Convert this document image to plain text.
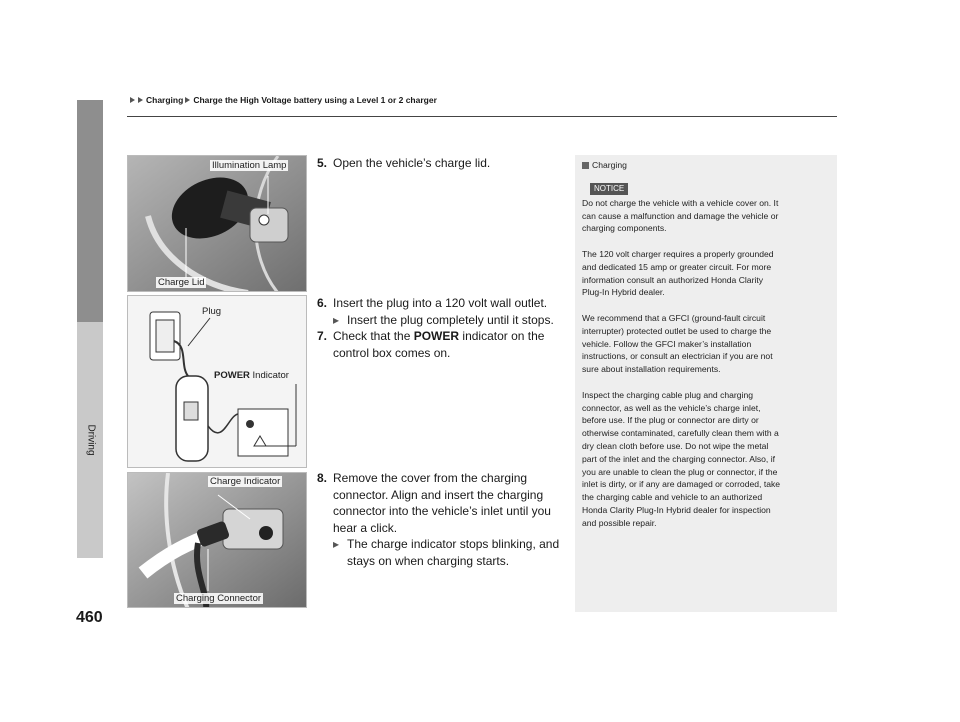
Charging Charge the High Voltage battery using a Level 1 or 2 charger
Driving
460
Illumination Lamp
Charge Lid
Plug
POWER Indicator
Charge Indicator
Charging Connector
5. Open the vehicle’s charge lid.
6. Insert the plug into a 120 volt wall outlet.
▸ Insert the plug completely until it stops.
7. Check that the POWER indicator on the
control box comes on.
8. Remove the cover from the charging
connector. Align and insert the charging
connector into the vehicle’s inlet until you
hear a click.
▸ The charge indicator stops blinking, and
stays on when charging starts.
Charging
NOTICE
Do not charge the vehicle with a vehicle cover on. It
can cause a malfunction and damage the vehicle or
charging components.
The 120 volt charger requires a properly grounded
and dedicated 15 amp or greater circuit. For more
information consult an authorized Honda Clarity
Plug-In Hybrid dealer.
We recommend that a GFCI (ground-fault circuit
interrupter) protected outlet be used to charge the
vehicle. Follow the GFCI maker’s installation
instructions, or consult an electrician if you are not
sure about installation requirements.
Inspect the charging cable plug and charging
connector, as well as the vehicle’s charge inlet,
before use. If the plug or connector are dirty or
otherwise contaminated, carefully clean them with a
dry clean cloth before use. Do not wipe the metal
part of the inlet and the charging connector. Also, if
you are unable to clean the plug or connector, if the
inlet is dirty, or if any are damaged or corroded, take
the charging cable and vehicle to an authorized
Honda Clarity Plug-In Hybrid dealer for inspection
and possible repair.
